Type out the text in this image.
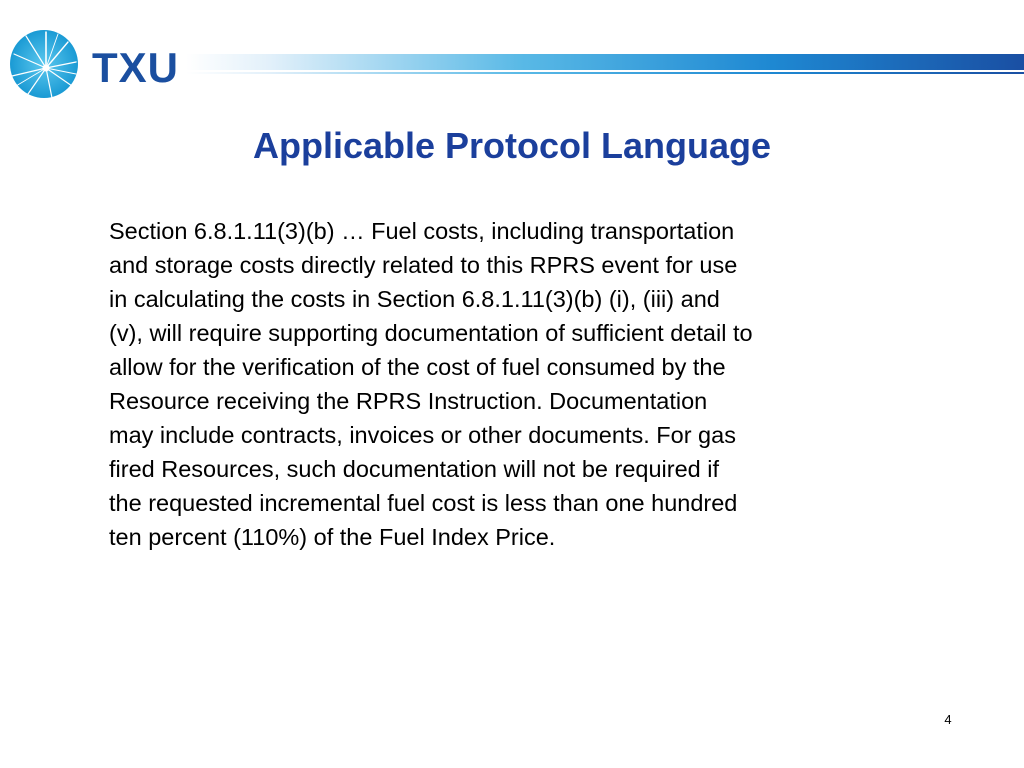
TXU
Applicable Protocol Language

Section 6.8.1.11(3)(b) … Fuel costs, including transportation
and storage costs directly related to this RPRS event for use
in calculating the costs in Section 6.8.1.11(3)(b) (i), (iii) and
(v), will require supporting documentation of sufficient detail to
allow for the verification of the cost of fuel consumed by the
Resource receiving the RPRS Instruction. Documentation
may include contracts, invoices or other documents. For gas
fired Resources, such documentation will not be required if
the requested incremental fuel cost is less than one hundred
ten percent (110%) of the Fuel Index Price.

4
